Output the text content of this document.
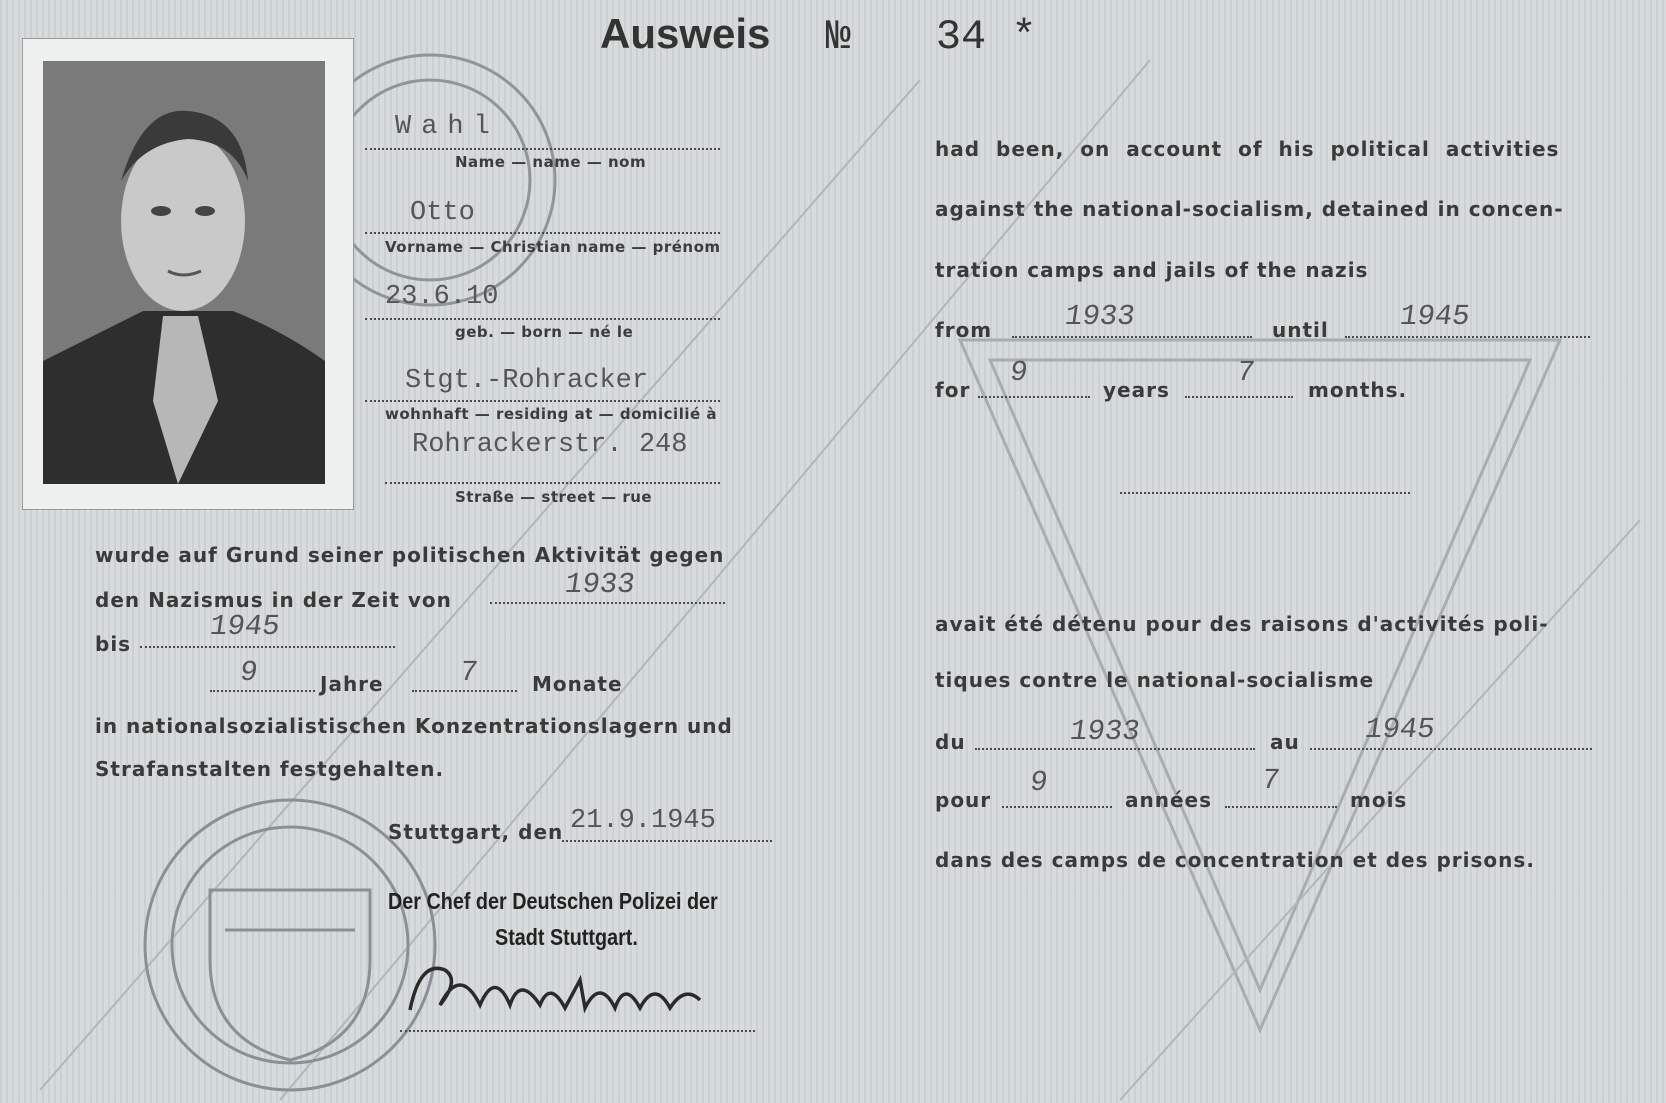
Ausweis № 34 *
Wahl
Name — name — nom
Otto
Vorname — Christian name — prénom
23.6.10
geb. — born — né le
Stgt.-Rohracker
wohnhaft — residing at — domicilié à
Rohrackerstr. 248
Straße — street — rue
wurde auf Grund seiner politischen Aktivität gegen
den Nazismus in der Zeit von	1933
bis
1945
9	Jahre	7	Monate
in nationalsozialistischen Konzentrationslagern und
Strafanstalten festgehalten.
Stuttgart, den 21.9.1945
Der Chef der Deutschen Polizei der
Stadt Stuttgart.
had been, on account of his political activities
against the national-socialism, detained in concen-
tration camps and jails of the nazis
from 1933	until 1945
for
9
years
7
months.
avait été détenu pour des raisons d'activités poli-
tiques contre le national-socialisme
du	1933	au 1945
pour
9
années
7
mois
dans des camps de concentration et des prisons.
